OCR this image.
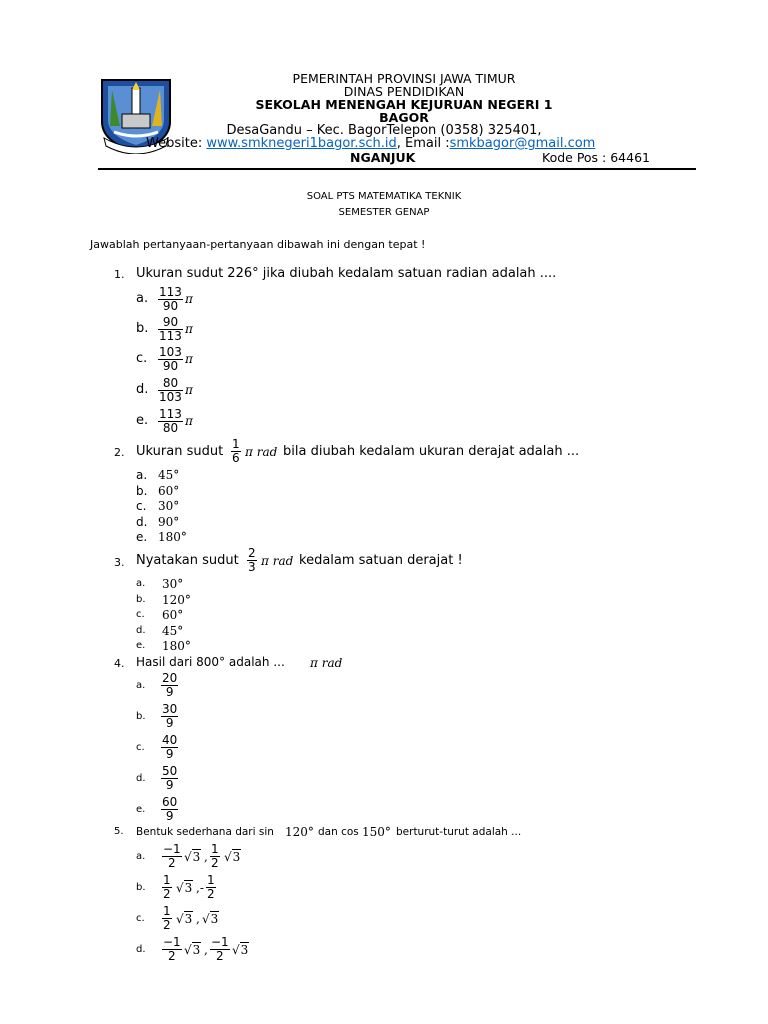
PEMERINTAH PROVINSI JAWA TIMUR
DINAS PENDIDIKAN
SEKOLAH MENENGAH KEJURUAN NEGERI 1
BAGOR
DesaGandu – Kec. BagorTelepon (0358) 325401,
Website: www.smknegeri1bagor.sch.id, Email :smkbagor@gmail.com
NGANJUK	Kode Pos : 64461
SOAL PTS MATEMATIKA TEKNIK
SEMESTER GENAP
Jawablah pertanyaan-pertanyaan dibawah ini dengan tepat !
1. Ukuran sudut 226° jika diubah kedalam satuan radian adalah ....
a. $\frac{113}{90}$ π
b. $\frac{90}{113}$ π
c. $\frac{103}{90}$ π
d. $\frac{80}{103}$ π
e. $\frac{113}{80}$ π
2. Ukuran sudut $\frac{1}{6}$ π rad bila diubah kedalam ukuran derajat adalah ...
a. 45°
b. 60°
c. 30°
d. 90°
e. 180°
3. Nyatakan sudut $\frac{2}{3}$ π rad kedalam satuan derajat !
a. 30°
b. 120°
c. 60°
d. 45°
e. 180°
4. Hasil dari 800° adalah ... π rad
a. $\frac{20}{9}$
b. $\frac{30}{9}$
c. $\frac{40}{9}$
d. $\frac{50}{9}$
e. $\frac{60}{9}$
5. Bentuk sederhana dari sin 120° dan cos 150° berturut-turut adalah ...
a. $\frac{-1}{2} √3$ , $\frac{1}{2} √3$
b. $\frac{1}{2} √3$ ,- $\frac{1}{2}$
c. $\frac{1}{2} √3$ , √3
d. $\frac{-1}{2} √3$ , $\frac{-1}{2} √3$
